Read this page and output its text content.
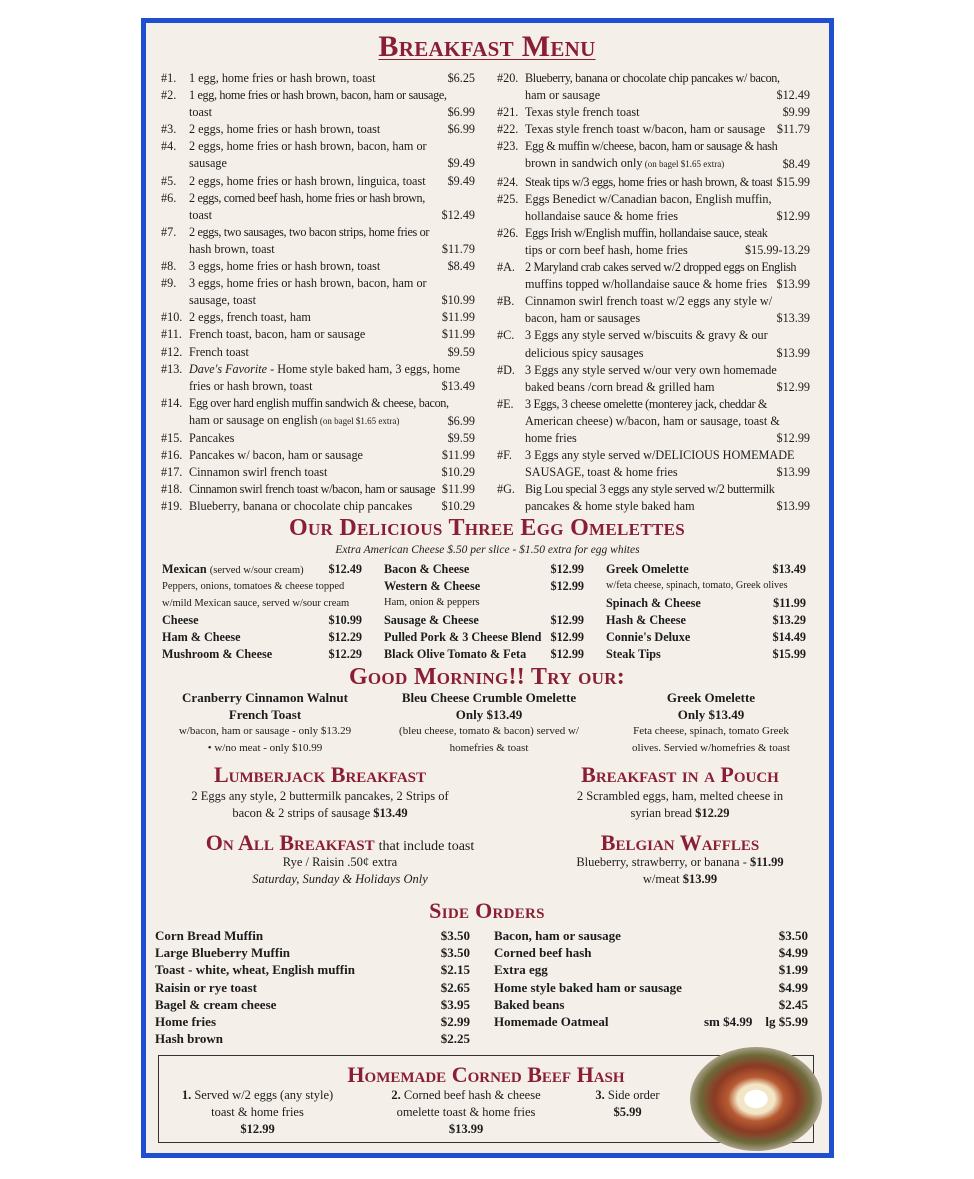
Breakfast Menu
#1.	1 egg, home fries or hash brown, toast	$6.25
#2.	1 egg, home fries or hash brown, bacon, ham or sausage,
toast	$6.99
#3.	2 eggs, home fries or hash brown, toast	$6.99
#4.	2 eggs, home fries or hash brown, bacon, ham or
sausage	$9.49
#5.	2 eggs, home fries or hash brown, linguica, toast	$9.49
#6.	2 eggs, corned beef hash, home fries or hash brown,
toast	$12.49
#7.	2 eggs, two sausages, two bacon strips, home fries or
hash brown, toast	$11.79
#8.	3 eggs, home fries or hash brown, toast	$8.49
#9.	3 eggs, home fries or hash brown, bacon, ham or
sausage, toast	$10.99
#10. 2 eggs, french toast, ham	$11.99
#11. French toast, bacon, ham or sausage	$11.99
#12. French toast	$9.59
#13. Dave's Favorite - Home style baked ham, 3 eggs, home
fries or hash brown, toast	$13.49
#14. Egg over hard english muffin sandwich & cheese, bacon,
ham or sausage on english (on bagel $1.65 extra)	$6.99
#15. Pancakes	$9.59
#16. Pancakes w/ bacon, ham or sausage	$11.99
#17. Cinnamon swirl french toast	$10.29
#18. Cinnamon swirl french toast w/bacon, ham or sausage $11.99
#19. Blueberry, banana or chocolate chip pancakes	$10.29
#20. Blueberry, banana or chocolate chip pancakes w/ bacon,
ham or sausage	$12.49
#21. Texas style french toast	$9.99
#22. Texas style french toast w/bacon, ham or sausage $11.79
#23. Egg & muffin w/cheese, bacon, ham or sausage & hash
brown in sandwich only (on bagel $1.65 extra)	$8.49
#24. Steak tips w/3 eggs, home fries or hash brown, & toast $15.99
#25. Eggs Benedict w/Canadian bacon, English muffin,
hollandaise sauce & home fries	$12.99
#26. Eggs Irish w/English muffin, hollandaise sauce, steak
tips or corn beef hash, home fries	$15.99-13.29
#A. 2 Maryland crab cakes served w/2 dropped eggs on English
muffins topped w/hollandaise sauce & home fries $13.99
#B. Cinnamon swirl french toast w/2 eggs any style w/
bacon, ham or sausages	$13.39
#C. 3 Eggs any style served w/biscuits & gravy & our
delicious spicy sausages	$13.99
#D. 3 Eggs any style served w/our very own homemade
baked beans /corn bread & grilled ham	$12.99
#E. 3 Eggs, 3 cheese omelette (monterey jack, cheddar &
American cheese) w/bacon, ham or sausage, toast &
home fries	$12.99
#F.	3 Eggs any style served w/DELICIOUS HOMEMADE
SAUSAGE, toast & home fries	$13.99
#G. Big Lou special 3 eggs any style served w/2 buttermilk
pancakes & home style baked ham	$13.99
Our Delicious Three Egg Omelettes
Extra American Cheese $.50 per slice - $1.50 extra for egg whites
Mexican (served w/sour cream) $12.49
Peppers, onions, tomatoes & cheese topped
w/mild Mexican sauce, served w/sour cream
Cheese	$10.99
Ham & Cheese	$12.29
Mushroom & Cheese	$12.29
Bacon & Cheese	$12.99
Western & Cheese	$12.99
Ham, onion & peppers
Sausage & Cheese	$12.99
Pulled Pork & 3 Cheese Blend $12.99
Black Olive Tomato & Feta $12.99
Greek Omelette	$13.49
w/feta cheese, spinach, tomato, Greek olives
Spinach & Cheese	$11.99
Hash & Cheese	$13.29
Connie's Deluxe	$14.49
Steak Tips	$15.99
Good Morning!! Try our:
Cranberry Cinnamon Walnut
French Toast
w/bacon, ham or sausage - only $13.29
• w/no meat - only $10.99
Bleu Cheese Crumble Omelette
Only $13.49
(bleu cheese, tomato & bacon) served w/
homefries & toast
Greek Omelette
Only $13.49
Feta cheese, spinach, tomato Greek
olives. Servied w/homefries & toast
Lumberjack Breakfast
2 Eggs any style, 2 buttermilk pancakes, 2 Strips of
bacon & 2 strips of sausage $13.49
Breakfast in a Pouch
2 Scrambled eggs, ham, melted cheese in
syrian bread $12.29
On All Breakfast that include toast
Rye / Raisin .50¢ extra
Saturday, Sunday & Holidays Only
Belgian Waffles
Blueberry, strawberry, or banana - $11.99
w/meat $13.99
Side Orders
Corn Bread Muffin	$3.50
Large Blueberry Muffin	$3.50
Toast - white, wheat, English muffin	$2.15
Raisin or rye toast	$2.65
Bagel & cream cheese	$3.95
Home fries	$2.99
Hash brown	$2.25
Bacon, ham or sausage	$3.50
Corned beef hash	$4.99
Extra egg	$1.99
Home style baked ham or sausage	$4.99
Baked beans	$2.45
Homemade Oatmeal	sm $4.99 lg $5.99
Homemade Corned Beef Hash
1. Served w/2 eggs (any style)
toast & home fries
$12.99
2. Corned beef hash & cheese
omelette toast & home fries
$13.99
3. Side order
$5.99
